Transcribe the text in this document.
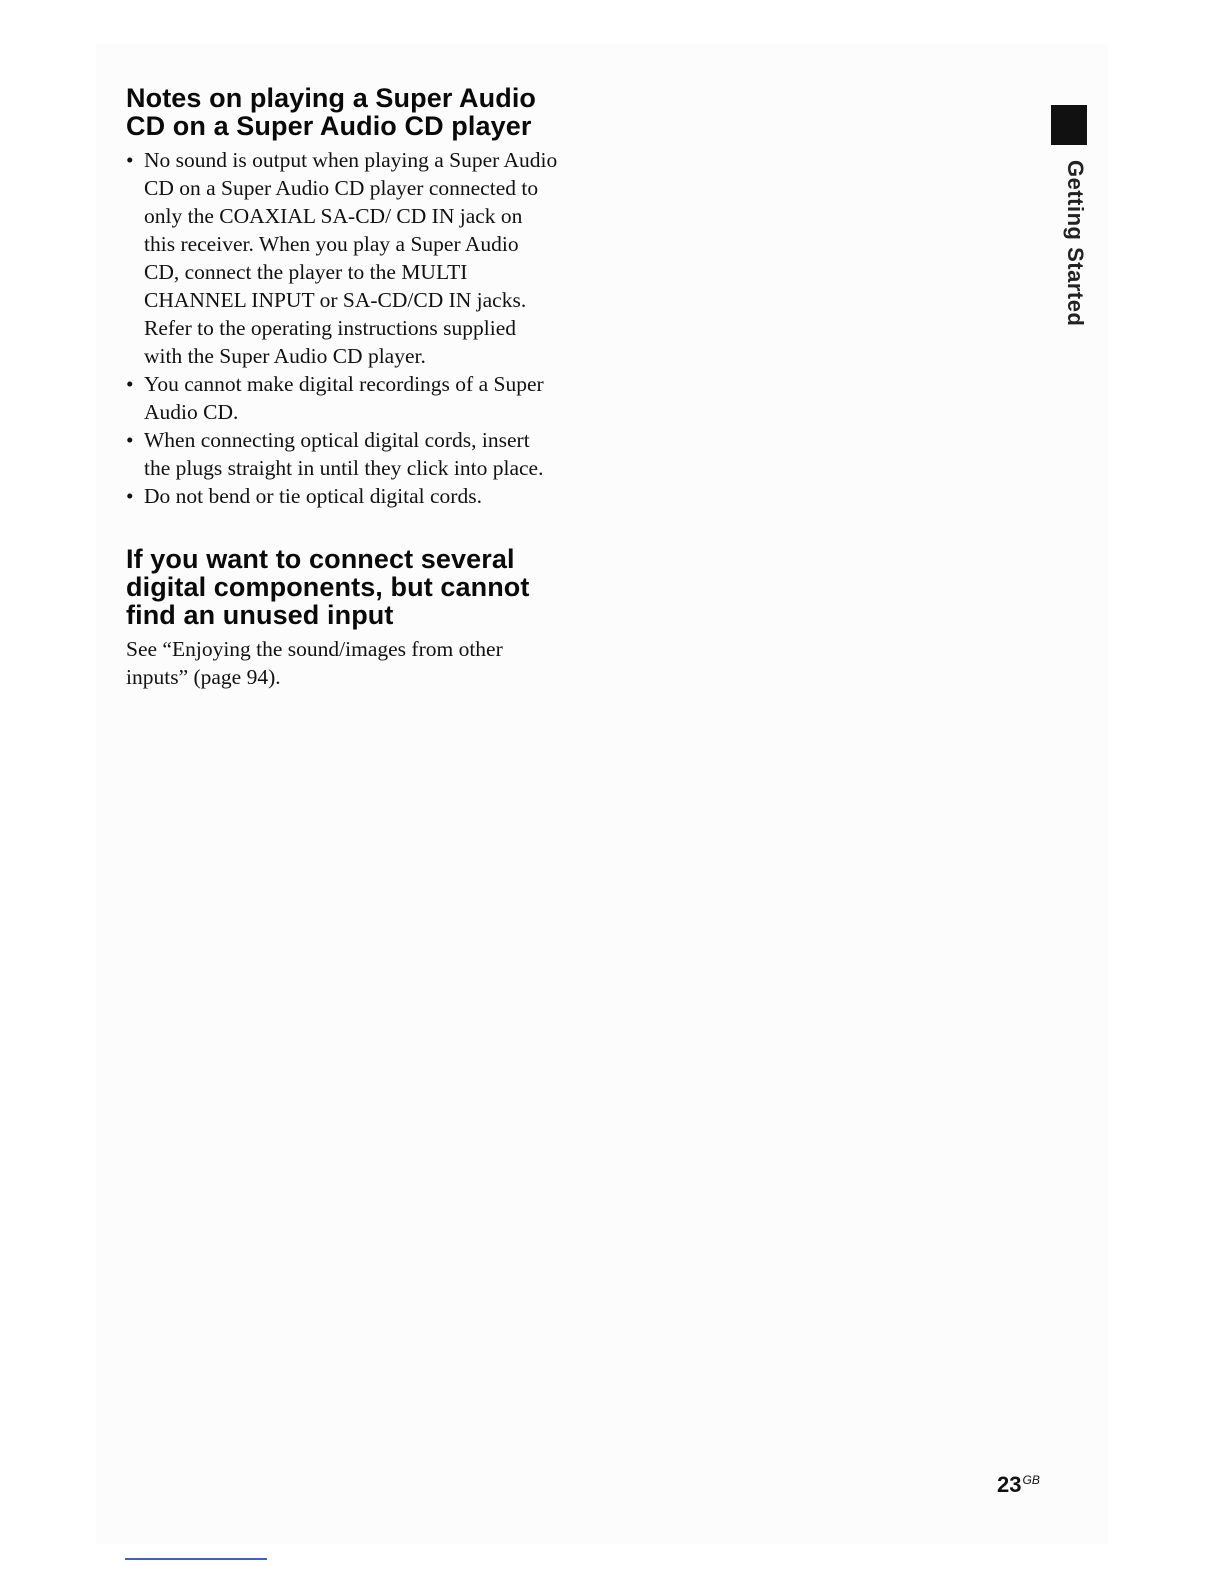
Notes on playing a Super Audio CD on a Super Audio CD player
• No sound is output when playing a Super Audio CD on a Super Audio CD player connected to only the COAXIAL SA-CD/ CD IN jack on this receiver. When you play a Super Audio CD, connect the player to the MULTI CHANNEL INPUT or SA-CD/CD IN jacks. Refer to the operating instructions supplied with the Super Audio CD player.
• You cannot make digital recordings of a Super Audio CD.
• When connecting optical digital cords, insert the plugs straight in until they click into place.
• Do not bend or tie optical digital cords.
If you want to connect several digital components, but cannot find an unused input

See “Enjoying the sound/images from other inputs” (page 94).

Getting Started
$23^{GB}$
